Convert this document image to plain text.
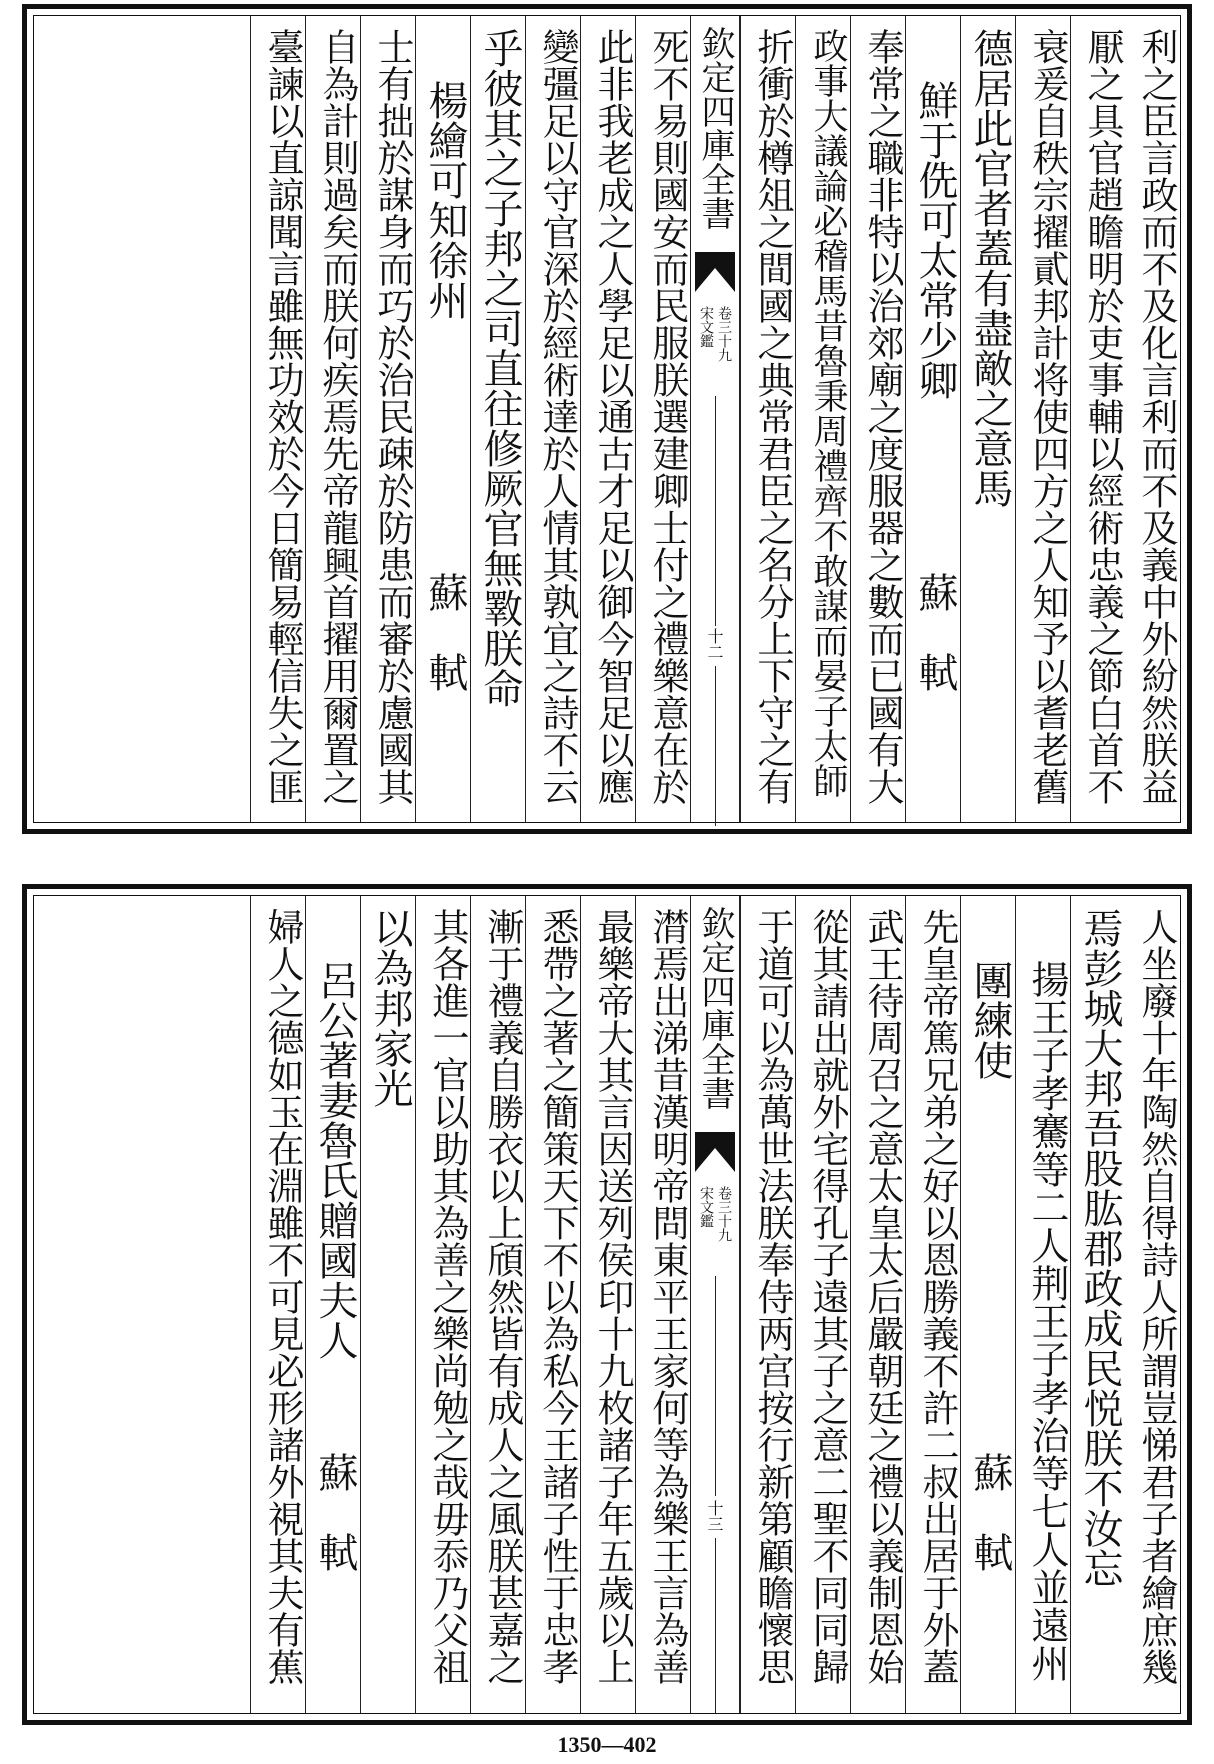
利之臣言政而不及化言利而不及義中外紛然朕益
厭之具官趙瞻明於吏事輔以經術忠義之節白首不
衰爰自秩宗擢貳邦計将使四方之人知予以耆老舊
德居此官者蓋有盡敵之意馬
鮮于侁可太常少卿
蘇　軾
奉常之職非特以治郊廟之度服器之數而已國有大
政事大議論必稽馬昔魯秉周禮齊不敢謀而晏子太師
折衝於樽俎之間國之典常君臣之名分上下守之有
欽定四庫全書
宋文鑑 卷三十九
十二
死不易則國安而民服朕選建卿士付之禮樂意在於
此非我老成之人學足以通古才足以御今智足以應
變彊足以守官深於經術達於人情其孰宜之詩不云
乎彼其之子邦之司直往修厥官無斁朕命
楊繪可知徐州
蘇　軾
士有拙於謀身而巧於治民疎於防患而審於慮國其
自為計則過矣而朕何疾焉先帝龍興首擢用爾置之
臺諫以直諒聞言雖無功效於今日簡易輕信失之匪
人坐廢十年陶然自得詩人所謂豈悌君子者繪庶幾
焉彭城大邦吾股肱郡政成民悦朕不汝忘
揚王子孝騫等二人荆王子孝治等七人並遠州
團練使
蘇　軾
先皇帝篤兄弟之好以恩勝義不許二叔出居于外蓋
武王待周召之意太皇太后嚴朝廷之禮以義制恩始
從其請出就外宅得孔子遠其子之意二聖不同同歸
于道可以為萬世法朕奉侍两宫按行新第顧瞻懷思
欽定四庫全書
宋文鑑 卷三十九
十三
潸焉出涕昔漢明帝問東平王家何等為樂王言為善
最樂帝大其言因送列侯印十九枚諸子年五歲以上
悉帶之著之簡策天下不以為私今王諸子性于忠孝
漸于禮義自勝衣以上頎然皆有成人之風朕甚嘉之
其各進一官以助其為善之樂尚勉之哉毋忝乃父祖
以為邦家光
呂公著妻魯氏贈國夫人
蘇　軾
婦人之德如玉在淵雖不可見必形諸外視其夫有蕉
1350—402
